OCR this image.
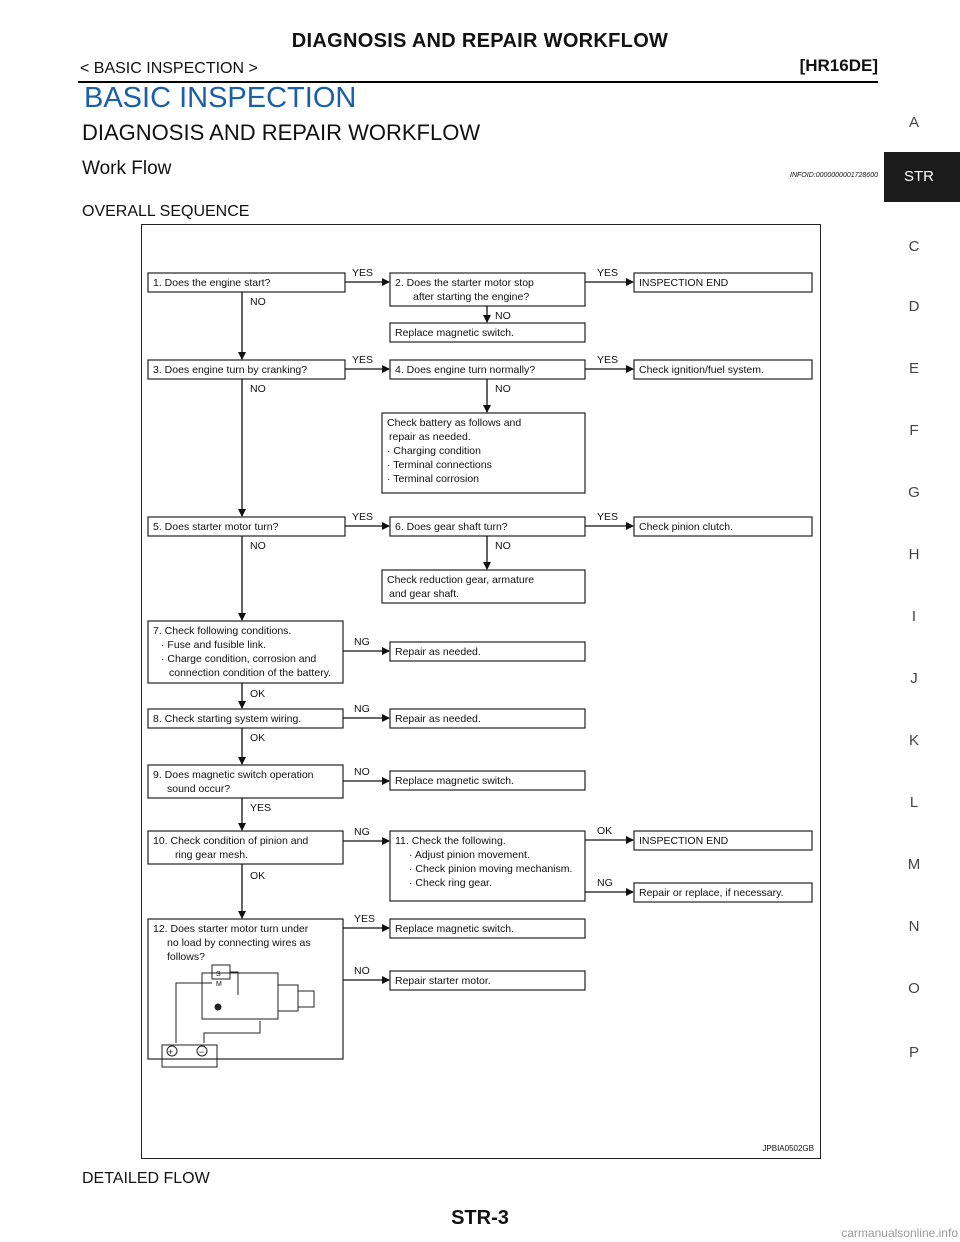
DIAGNOSIS AND REPAIR WORKFLOW
< BASIC INSPECTION >	[HR16DE]
BASIC INSPECTION
DIAGNOSIS AND REPAIR WORKFLOW
Work Flow	INFOID:0000000001728600
OVERALL SEQUENCE
A
STR
C
D
E
F
G
H
I
J
K
L
M
N
O
P
1. Does the engine start?	2. Does the starter motor stop
after starting the engine?
INSPECTION END
Replace magnetic switch.
3. Does engine turn by cranking?	4. Does engine turn normally?	Check ignition/fuel system.
Check battery as follows and
repair as needed.
· Charging condition
· Terminal connections
· Terminal corrosion
5. Does starter motor turn?	6. Does gear shaft turn?	Check pinion clutch.
Check reduction gear, armature
and gear shaft.
7. Check following conditions.
· Fuse and fusible link.
· Charge condition, corrosion and
connection condition of the battery.
Repair as needed.
8. Check starting system wiring.	Repair as needed.
9. Does magnetic switch operation
sound occur?
Replace magnetic switch.
10. Check condition of pinion and
ring gear mesh.
11. Check the following.
· Adjust pinion movement.
· Check pinion moving mechanism.
· Check ring gear.
INSPECTION END
Repair or replace, if necessary.
12. Does starter motor turn under
no load by connecting wires as
follows?
Replace magnetic switch.
Repair starter motor.
YES	YES
YES	YES
YES	YES
NG
NG
NO
NG	OK
NG
YES
NO
NO
NO
NO	NO
NO	NO
OK
OK
YES
OK
+	−
S
M
JPBIA0502GB
DETAILED FLOW
STR-3
carmanualsonline.info
